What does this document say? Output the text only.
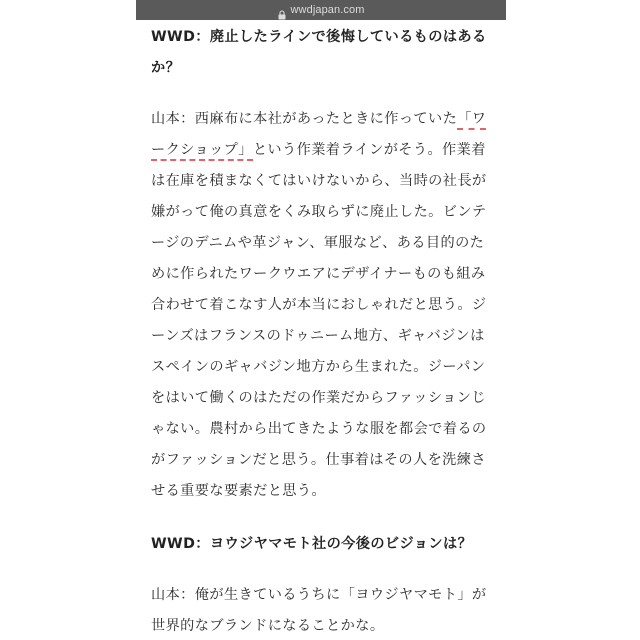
wwdjapan.com

WWD：廃止したラインで後悔しているものはあるか？

山本：西麻布に本社があったときに作っていた「ワークショップ」という作業着ラインがそう。作業着は在庫を積まなくてはいけないから、当時の社長が嫌がって俺の真意をくみ取らずに廃止した。ビンテージのデニムや革ジャン、軍服など、ある目的のために作られたワークウエアにデザイナーものも組み合わせて着こなす人が本当におしゃれだと思う。ジーンズはフランスのドゥニーム地方、ギャバジンはスペインのギャバジン地方から生まれた。ジーパンをはいて働くのはただの作業だからファッションじゃない。農村から出てきたような服を都会で着るのがファッションだと思う。仕事着はその人を洗練させる重要な要素だと思う。

WWD：ヨウジヤマモト社の今後のビジョンは？

山本：俺が生きているうちに「ヨウジヤマモト」が世界的なブランドになることかな。
